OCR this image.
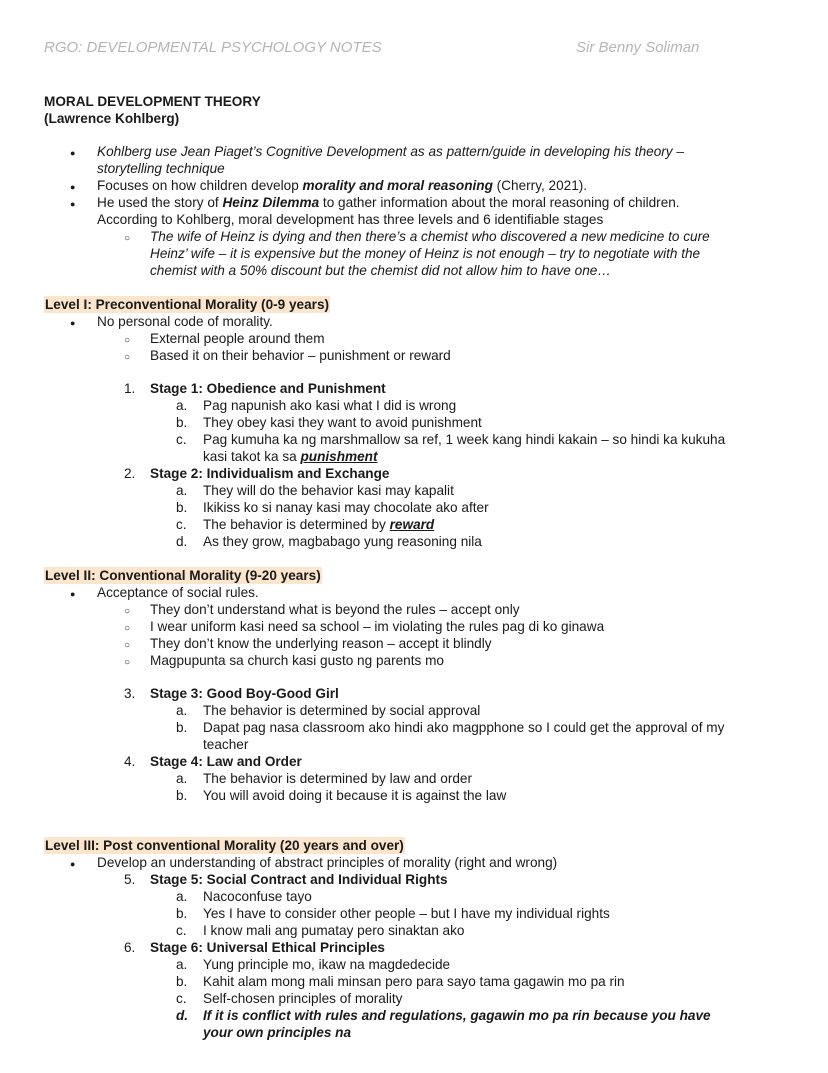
RGO: DEVELOPMENTAL PSYCHOLOGY NOTES	Sir Benny Soliman
MORAL DEVELOPMENT THEORY
(Lawrence Kohlberg)
●
Kohlberg use Jean Piaget’s Cognitive Development as as pattern/guide in developing his theory – storytelling technique
●
Focuses on how children develop morality and moral reasoning (Cherry, 2021).
●
He used the story of Heinz Dilemma to gather information about the moral reasoning of children. According to Kohlberg, moral development has three levels and 6 identifiable stages
○
The wife of Heinz is dying and then there’s a chemist who discovered a new medicine to cure Heinz’ wife – it is expensive but the money of Heinz is not enough – try to negotiate with the chemist with a 50% discount but the chemist did not allow him to have one…
Level I: Preconventional Morality (0-9 years)
●
No personal code of morality.
○
External people around them
○
Based it on their behavior – punishment or reward
1. Stage 1: Obedience and Punishment
a. Pag napunish ako kasi what I did is wrong
b. They obey kasi they want to avoid punishment
c. Pag kumuha ka ng marshmallow sa ref, 1 week kang hindi kakain – so hindi ka kukuha kasi takot ka sa punishment
2. Stage 2: Individualism and Exchange
a. They will do the behavior kasi may kapalit
b. Ikikiss ko si nanay kasi may chocolate ako after
c. The behavior is determined by reward
d. As they grow, magbabago yung reasoning nila
Level II: Conventional Morality (9-20 years)
●
Acceptance of social rules.
○
They don’t understand what is beyond the rules – accept only
○
I wear uniform kasi need sa school – im violating the rules pag di ko ginawa
○
They don’t know the underlying reason – accept it blindly
○
Magpupunta sa church kasi gusto ng parents mo
3. Stage 3: Good Boy-Good Girl
a. The behavior is determined by social approval
b. Dapat pag nasa classroom ako hindi ako magpphone so I could get the approval of my teacher
4. Stage 4: Law and Order
a. The behavior is determined by law and order
b. You will avoid doing it because it is against the law
Level III: Post conventional Morality (20 years and over)
●
Develop an understanding of abstract principles of morality (right and wrong)
5. Stage 5: Social Contract and Individual Rights
a. Nacoconfuse tayo
b. Yes I have to consider other people – but I have my individual rights
c. I know mali ang pumatay pero sinaktan ako
6. Stage 6: Universal Ethical Principles
a. Yung principle mo, ikaw na magdedecide
b. Kahit alam mong mali minsan pero para sayo tama gagawin mo pa rin
c. Self-chosen principles of morality
d. If it is conflict with rules and regulations, gagawin mo pa rin because you have your own principles na
